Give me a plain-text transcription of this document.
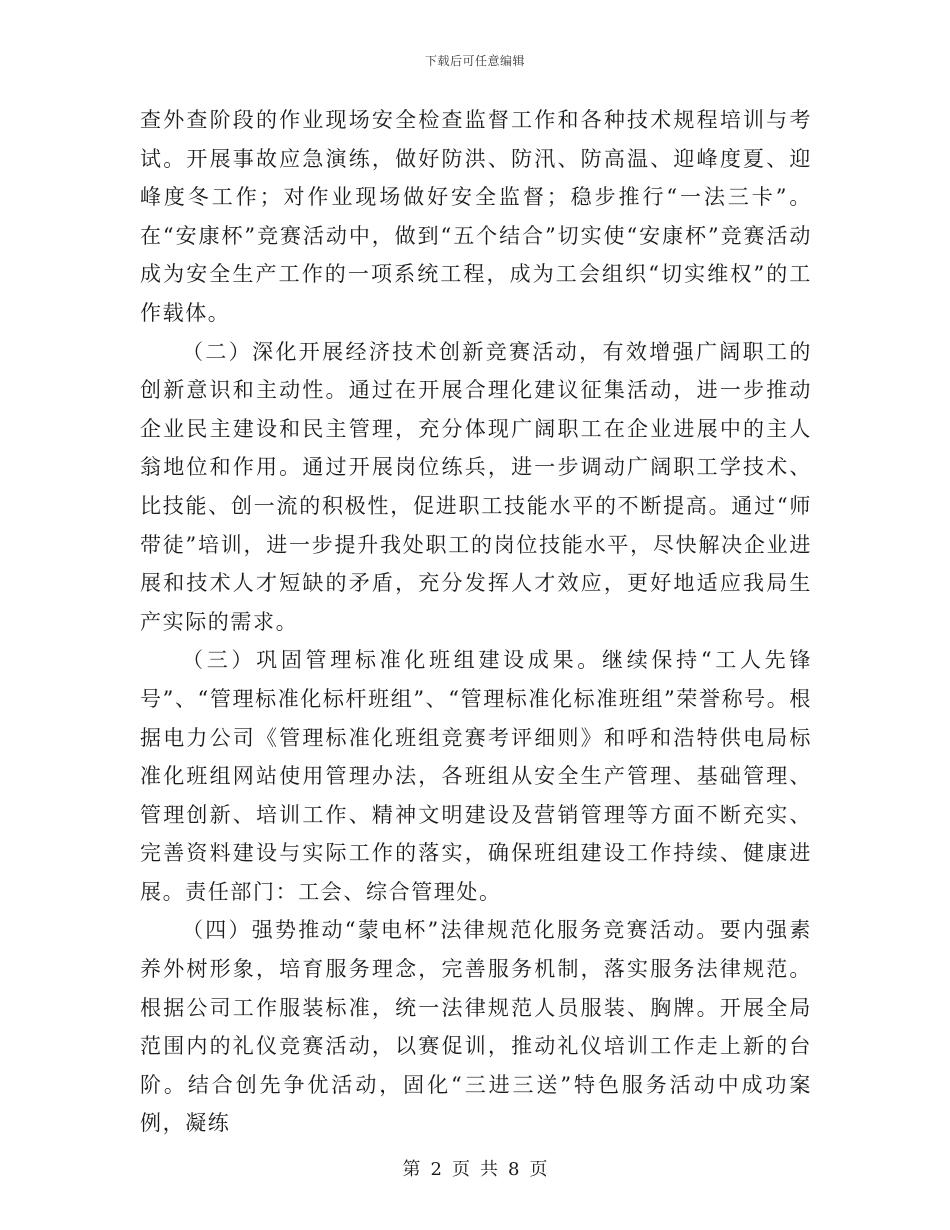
下载后可任意编辑

查外查阶段的作业现场安全检查监督工作和各种技术规程培训与考试。开展事故应急演练，做好防洪、防汛、防高温、迎峰度夏、迎峰度冬工作；对作业现场做好安全监督；稳步推行“一法三卡”。在“安康杯”竞赛活动中，做到“五个结合”切实使“安康杯”竞赛活动成为安全生产工作的一项系统工程，成为工会组织“切实维权”的工作载体。

（二）深化开展经济技术创新竞赛活动，有效增强广阔职工的创新意识和主动性。通过在开展合理化建议征集活动，进一步推动企业民主建设和民主管理，充分体现广阔职工在企业进展中的主人翁地位和作用。通过开展岗位练兵，进一步调动广阔职工学技术、比技能、创一流的积极性，促进职工技能水平的不断提高。通过“师带徒”培训，进一步提升我处职工的岗位技能水平，尽快解决企业进展和技术人才短缺的矛盾，充分发挥人才效应，更好地适应我局生产实际的需求。

（三）巩固管理标准化班组建设成果。继续保持“工人先锋号”、“管理标准化标杆班组”、“管理标准化标准班组”荣誉称号。根据电力公司《管理标准化班组竞赛考评细则》和呼和浩特供电局标准化班组网站使用管理办法，各班组从安全生产管理、基础管理、管理创新、培训工作、精神文明建设及营销管理等方面不断充实、完善资料建设与实际工作的落实，确保班组建设工作持续、健康进展。责任部门：工会、综合管理处。

（四）强势推动“蒙电杯”法律规范化服务竞赛活动。要内强素养外树形象，培育服务理念，完善服务机制，落实服务法律规范。根据公司工作服装标准，统一法律规范人员服装、胸牌。开展全局范围内的礼仪竞赛活动，以赛促训，推动礼仪培训工作走上新的台阶。结合创先争优活动，固化“三进三送”特色服务活动中成功案例，凝练

第 2 页 共 8 页
